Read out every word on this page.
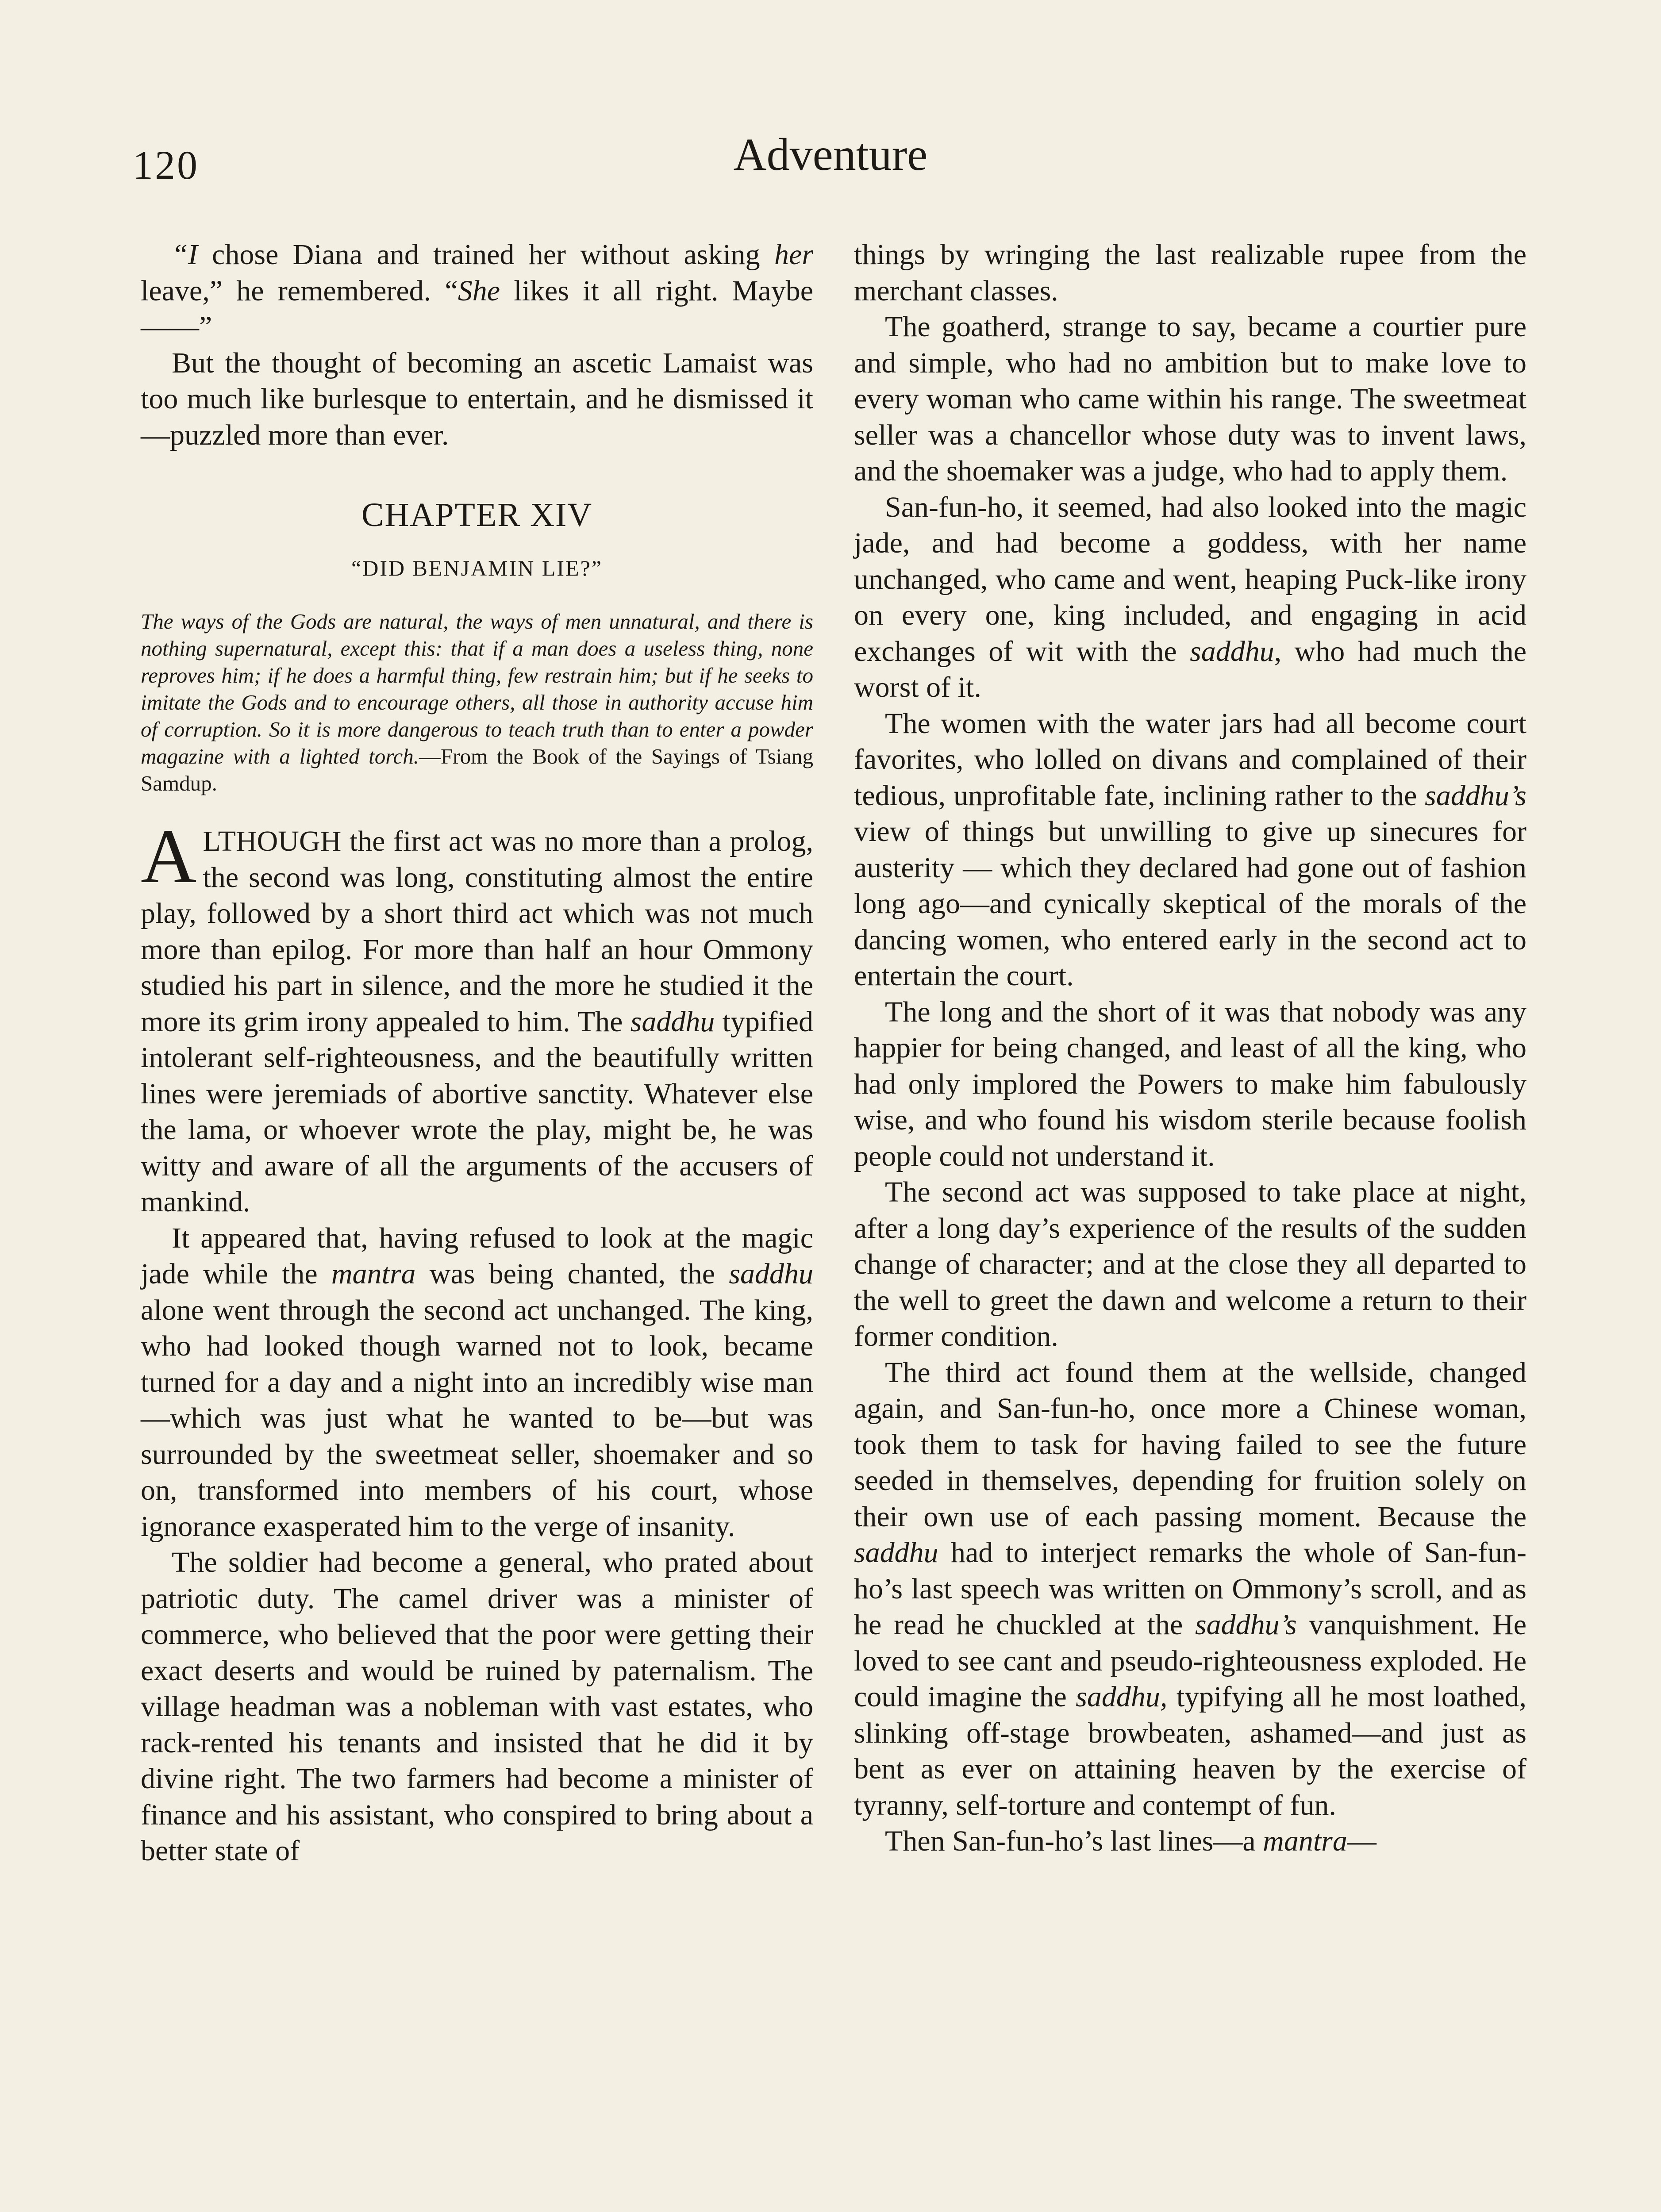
120	Adventure

“I chose Diana and trained her without asking her leave,” he remembered. “She likes it all right. Maybe——”

But the thought of becoming an ascetic Lamaist was too much like burlesque to entertain, and he dismissed it—puzzled more than ever.

CHAPTER XIV
“DID BENJAMIN LIE?”
The ways of the Gods are natural, the ways of men unnatural, and there is nothing supernatural, except this: that if a man does a useless thing, none reproves him; if he does a harmful thing, few restrain him; but if he seeks to imitate the Gods and to encourage others, all those in authority accuse him of corruption. So it is more dangerous to teach truth than to enter a powder magazine with a lighted torch.—From the Book of the Sayings of Tsiang Samdup.

ALTHOUGH the first act was no more than a prolog, the second was long, constituting almost the entire play, followed by a short third act which was not much more than epilog. For more than half an hour Ommony studied his part in silence, and the more he studied it the more its grim irony appealed to him. The saddhu typified intolerant self-righteousness, and the beautifully written lines were jeremiads of abortive sanctity. Whatever else the lama, or whoever wrote the play, might be, he was witty and aware of all the arguments of the accusers of mankind.

It appeared that, having refused to look at the magic jade while the mantra was being chanted, the saddhu alone went through the second act unchanged. The king, who had looked though warned not to look, became turned for a day and a night into an incredibly wise man—which was just what he wanted to be—but was surrounded by the sweetmeat seller, shoemaker and so on, transformed into members of his court, whose ignorance exasperated him to the verge of insanity.

The soldier had become a general, who prated about patriotic duty. The camel driver was a minister of commerce, who believed that the poor were getting their exact deserts and would be ruined by paternalism. The village headman was a nobleman with vast estates, who rack-rented his tenants and insisted that he did it by divine right. The two farmers had become a minister of finance and his assistant, who conspired to bring about a better state of

things by wringing the last realizable rupee from the merchant classes.

The goatherd, strange to say, became a courtier pure and simple, who had no ambition but to make love to every woman who came within his range. The sweetmeat seller was a chancellor whose duty was to invent laws, and the shoemaker was a judge, who had to apply them.

San-fun-ho, it seemed, had also looked into the magic jade, and had become a goddess, with her name unchanged, who came and went, heaping Puck-like irony on every one, king included, and engaging in acid exchanges of wit with the saddhu, who had much the worst of it.

The women with the water jars had all become court favorites, who lolled on divans and complained of their tedious, unprofitable fate, inclining rather to the saddhu’s view of things but unwilling to give up sinecures for austerity — which they declared had gone out of fashion long ago—and cynically skeptical of the morals of the dancing women, who entered early in the second act to entertain the court.

The long and the short of it was that nobody was any happier for being changed, and least of all the king, who had only implored the Powers to make him fabulously wise, and who found his wisdom sterile because foolish people could not understand it.

The second act was supposed to take place at night, after a long day’s experience of the results of the sudden change of character; and at the close they all departed to the well to greet the dawn and welcome a return to their former condition.

The third act found them at the wellside, changed again, and San-fun-ho, once more a Chinese woman, took them to task for having failed to see the future seeded in themselves, depending for fruition solely on their own use of each passing moment. Because the saddhu had to interject remarks the whole of San-fun-ho’s last speech was written on Ommony’s scroll, and as he read he chuckled at the saddhu’s vanquishment. He loved to see cant and pseudo-righteousness exploded. He could imagine the saddhu, typifying all he most loathed, slinking off-stage browbeaten, ashamed—and just as bent as ever on attaining heaven by the exercise of tyranny, self-torture and contempt of fun.

Then San-fun-ho’s last lines—a mantra—
